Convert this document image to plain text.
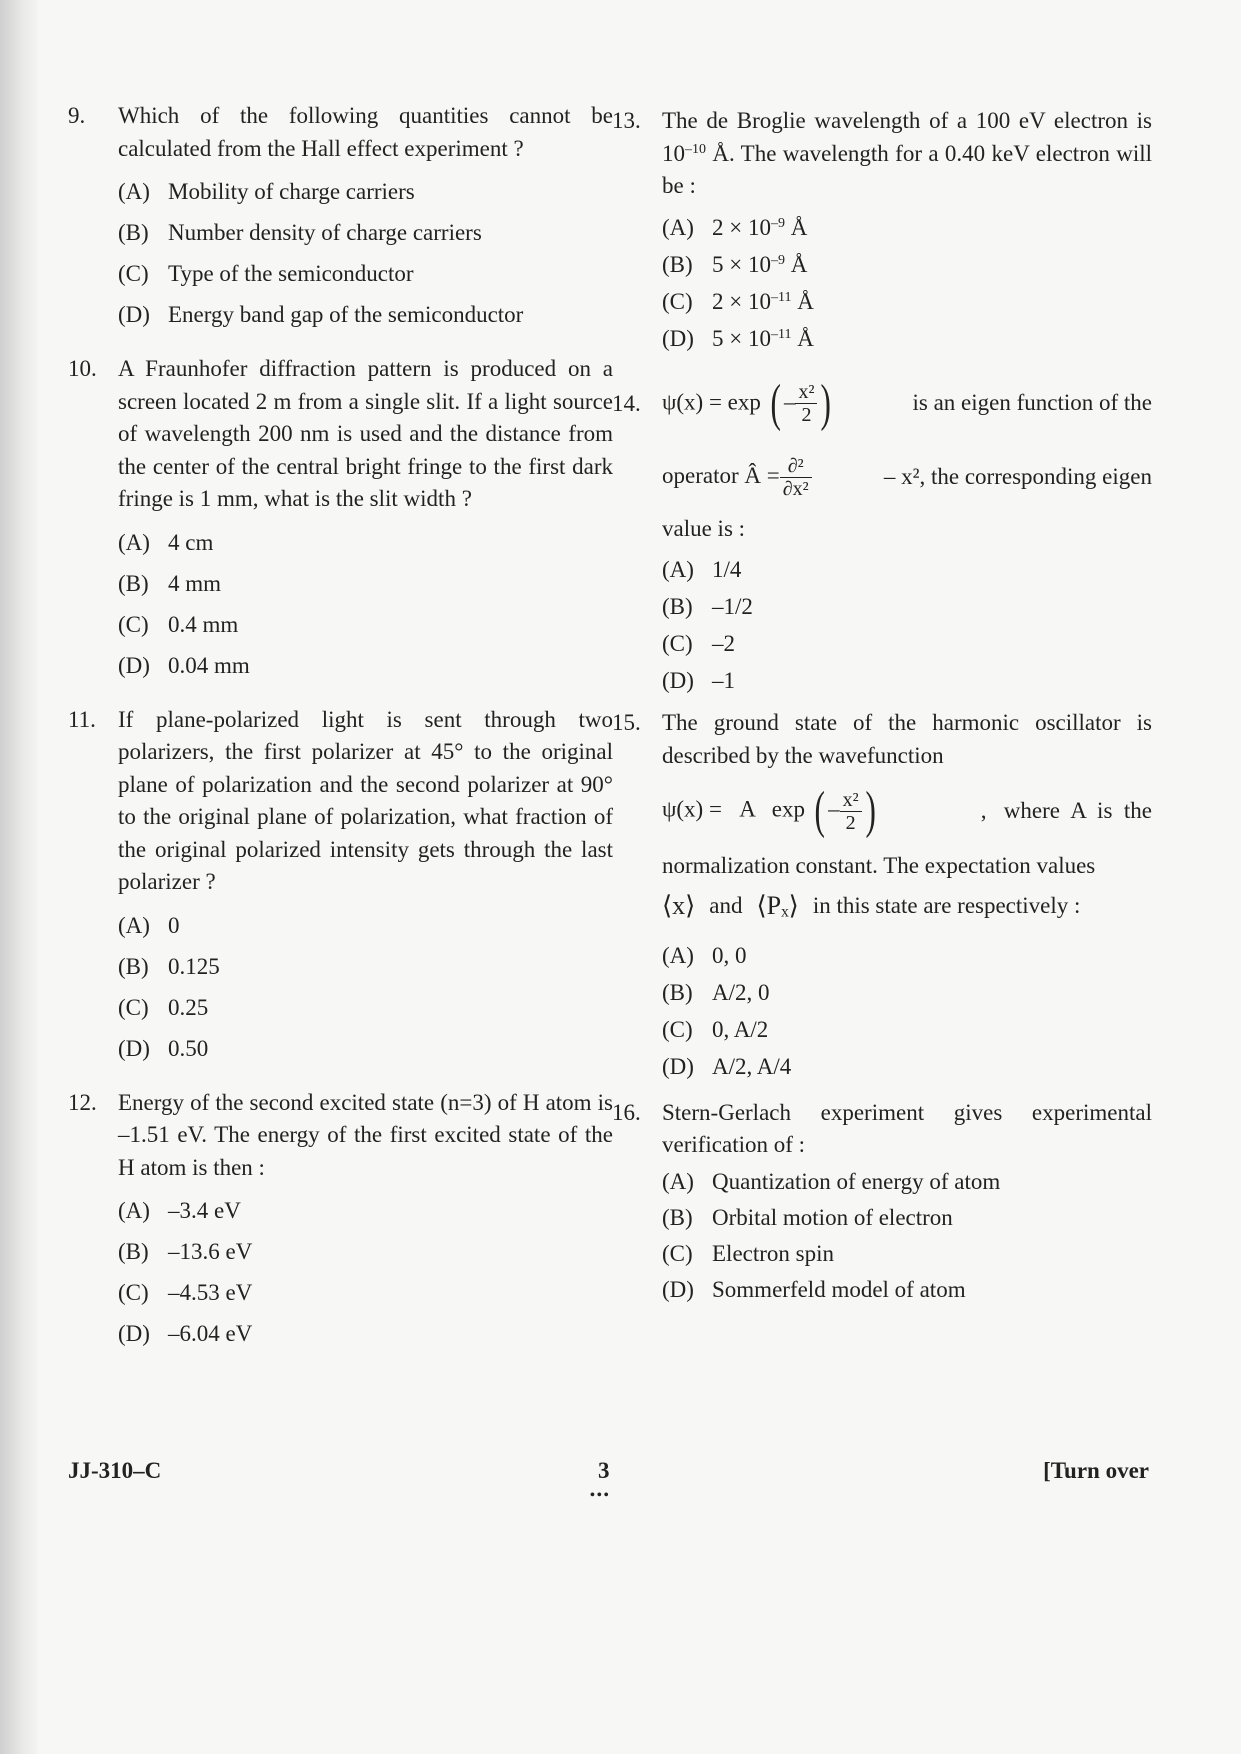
9. Which of the following quantities cannot be calculated from the Hall effect experiment ?
(A) Mobility of charge carriers
(B) Number density of charge carriers
(C) Type of the semiconductor
(D) Energy band gap of the semiconductor
10. A Fraunhofer diffraction pattern is produced on a screen located 2 m from a single slit. If a light source of wavelength 200 nm is used and the distance from the center of the central bright fringe to the first dark fringe is 1 mm, what is the slit width ?
(A) 4 cm
(B) 4 mm
(C) 0.4 mm
(D) 0.04 mm
11. If plane-polarized light is sent through two polarizers, the first polarizer at 45° to the original plane of polarization and the second polarizer at 90° to the original plane of polarization, what fraction of the original polarized intensity gets through the last polarizer ?
(A) 0
(B) 0.125
(C) 0.25
(D) 0.50
12. Energy of the second excited state (n=3) of H atom is –1.51 eV. The energy of the first excited state of the H atom is then :
(A) –3.4 eV
(B) –13.6 eV
(C) –4.53 eV
(D) –6.04 eV
13. The de Broglie wavelength of a 100 eV electron is $10^{-10}$ Å. The wavelength for a 0.40 keV electron will be :
(A) $2 \times 10^{-9}$ Å
(B) $5 \times 10^{-9}$ Å
(C) $2 \times 10^{-11}$ Å
(D) $5 \times 10^{-11}$ Å
14. ψ(x) = exp ( – $\frac{\text{x²}}{2}$ )	is an eigen function of the
operator Â = $\frac{\text{∂²}}{\text{∂x²}}$	– x², the corresponding eigen
value is :
(A) 1/4
(B) –1/2
(C) –2
(D) –1
15. The ground state of the harmonic oscillator is described by the wavefunction
ψ(x) =   A   exp ( – $\frac{\text{x²}}{2}$ )	,   where  A  is  the
normalization constant. The expectation values
⟨x⟩ and ⟨Pₓ⟩ in this state are respectively :
(A) 0, 0
(B) A/2, 0
(C) 0, A/2
(D) A/2, A/4
16. Stern-Gerlach experiment gives experimental verification of :
(A) Quantization of energy of atom
(B) Orbital motion of electron
(C) Electron spin
(D) Sommerfeld model of atom
JJ-310–C	3
•••
[Turn over
